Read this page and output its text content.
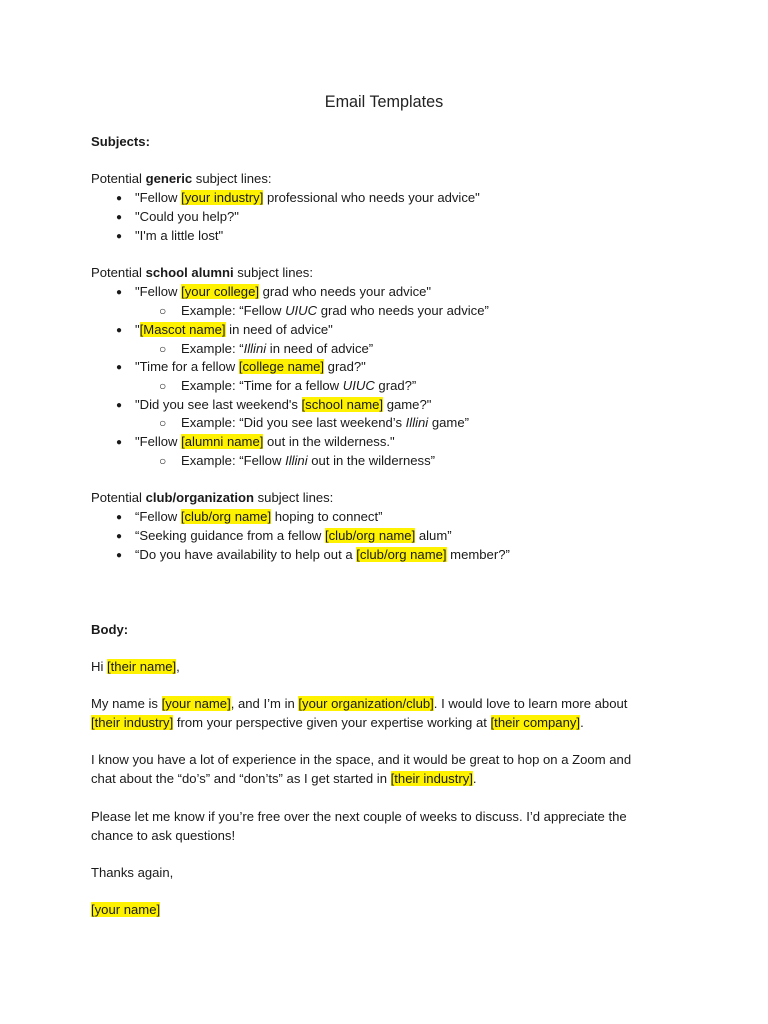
Email Templates
Subjects:
Potential generic subject lines:
● "Fellow [your industry] professional who needs your advice"
● "Could you help?"
● "I'm a little lost"
Potential school alumni subject lines:
● "Fellow [your college] grad who needs your advice"
○ Example: “Fellow UIUC grad who needs your advice”
● "[Mascot name] in need of advice"
○ Example: “Illini in need of advice”
● "Time for a fellow [college name] grad?"
○ Example: “Time for a fellow UIUC grad?”
● "Did you see last weekend's [school name] game?"
○ Example: “Did you see last weekend’s Illini game”
● "Fellow [alumni name] out in the wilderness."
○ Example: “Fellow Illini out in the wilderness”
Potential club/organization subject lines:
● “Fellow [club/org name] hoping to connect”
● “Seeking guidance from a fellow [club/org name] alum”
● “Do you have availability to help out a [club/org name] member?”
Body:
Hi [their name],
My name is [your name], and I’m in [your organization/club]. I would love to learn more about
[their industry] from your perspective given your expertise working at [their company].
I know you have a lot of experience in the space, and it would be great to hop on a Zoom and
chat about the “do’s” and “don’ts” as I get started in [their industry].
Please let me know if you’re free over the next couple of weeks to discuss. I’d appreciate the
chance to ask questions!
Thanks again,
[your name]
